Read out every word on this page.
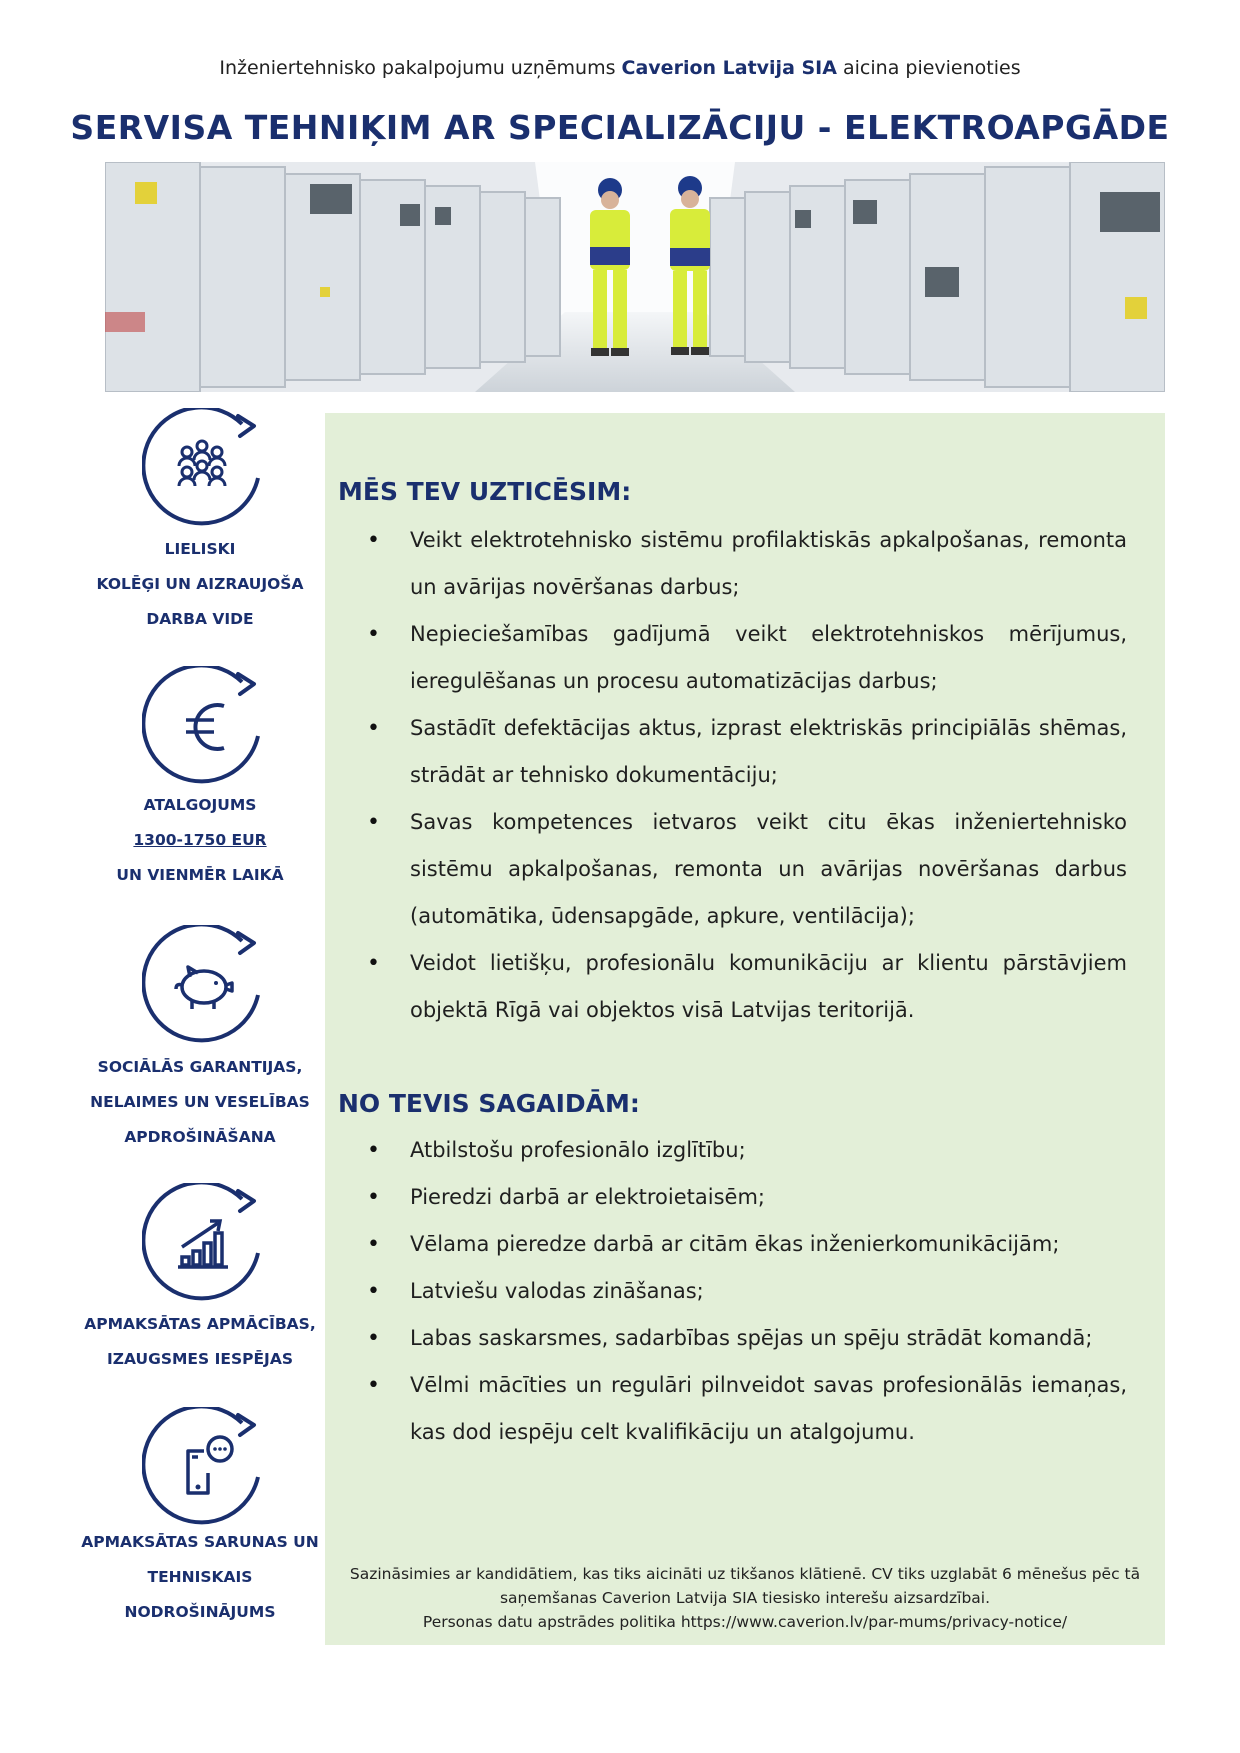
Inženiertehnisko pakalpojumu uzņēmums Caverion Latvija SIA aicina pievienoties
SERVISA TEHNIĶIM AR SPECIALIZĀCIJU - ELEKTROAPGĀDE
LIELISKI
KOLĒĢI UN AIZRAUJOŠA
DARBA VIDE
ATALGOJUMS
1300-1750 EUR
UN VIENMĒR LAIKĀ
SOCIĀLĀS GARANTIJAS,
NELAIMES UN VESELĪBAS
APDROŠINĀŠANA
APMAKSĀTAS APMĀCĪBAS,
IZAUGSMES IESPĒJAS
APMAKSĀTAS SARUNAS UN
TEHNISKAIS
NODROŠINĀJUMS
MĒS TEV UZTICĒSIM:
• Veikt elektrotehnisko sistēmu profilaktiskās apkalpošanas, remonta un avārijas novēršanas darbus;
• Nepieciešamības gadījumā veikt elektrotehniskos mērījumus, ieregulēšanas un procesu automatizācijas darbus;
• Sastādīt defektācijas aktus, izprast elektriskās principiālās shēmas, strādāt ar tehnisko dokumentāciju;
• Savas kompetences ietvaros veikt citu ēkas inženiertehnisko sistēmu apkalpošanas, remonta un avārijas novēršanas darbus (automātika, ūdensapgāde, apkure, ventilācija);
• Veidot lietišķu, profesionālu komunikāciju ar klientu pārstāvjiem objektā Rīgā vai objektos visā Latvijas teritorijā.
NO TEVIS SAGAIDĀM:
• Atbilstošu profesionālo izglītību;
• Pieredzi darbā ar elektroietaisēm;
• Vēlama pieredze darbā ar citām ēkas inženierkomunikācijām;
• Latviešu valodas zināšanas;
• Labas saskarsmes, sadarbības spējas un spēju strādāt komandā;
• Vēlmi mācīties un regulāri pilnveidot savas profesionālās iemaņas, kas dod iespēju celt kvalifikāciju un atalgojumu.
Sazināsimies ar kandidātiem, kas tiks aicināti uz tikšanos klātienē. CV tiks uzglabāt 6 mēnešus pēc tā
saņemšanas Caverion Latvija SIA tiesisko interešu aizsardzībai.
Personas datu apstrādes politika https://www.caverion.lv/par-mums/privacy-notice/
